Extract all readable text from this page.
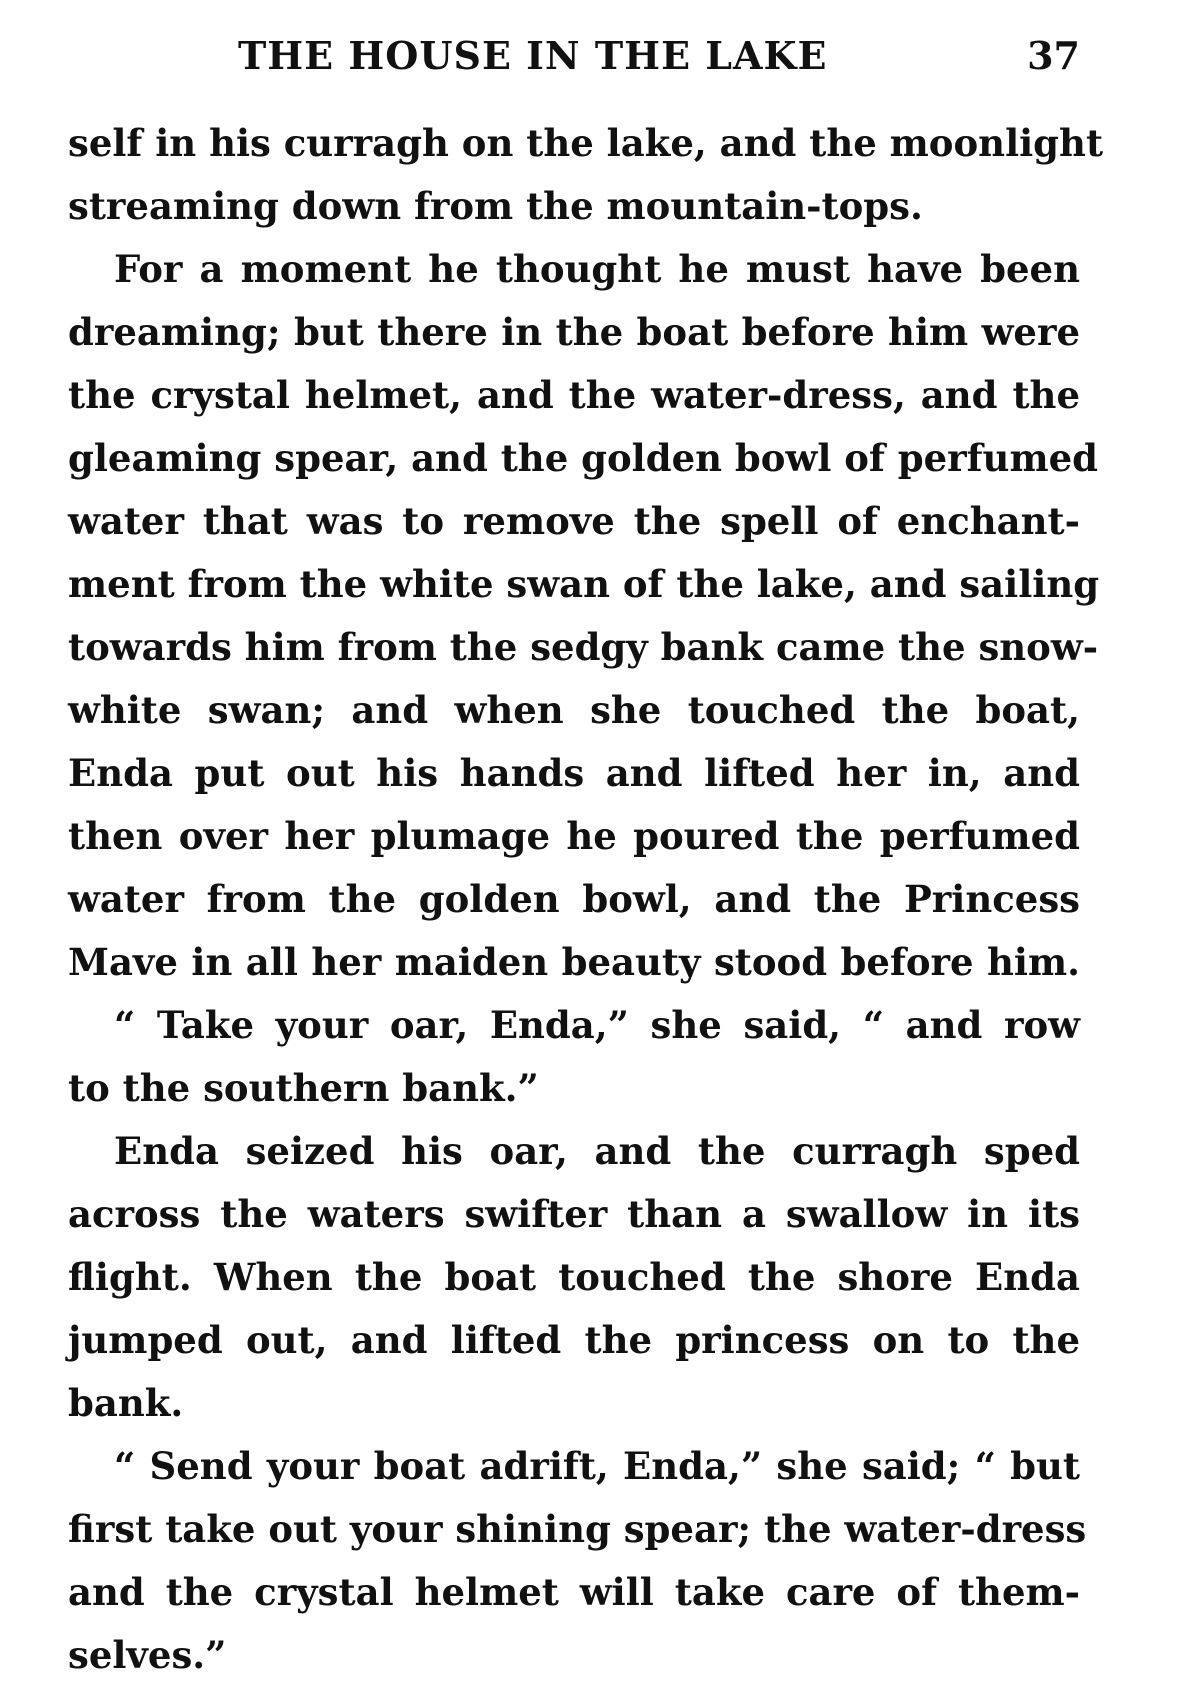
THE HOUSE IN THE LAKE	37
self in his curragh on the lake, and the moonlight
streaming down from the mountain-tops.
For a moment he thought he must have been
dreaming; but there in the boat before him were
the crystal helmet, and the water-dress, and the
gleaming spear, and the golden bowl of perfumed
water that was to remove the spell of enchant-
ment from the white swan of the lake, and sailing
towards him from the sedgy bank came the snow-
white swan; and when she touched the boat,
Enda put out his hands and lifted her in, and
then over her plumage he poured the perfumed
water from the golden bowl, and the Princess
Mave in all her maiden beauty stood before him.
“ Take your oar, Enda,” she said, “ and row
to the southern bank.”
Enda seized his oar, and the curragh sped
across the waters swifter than a swallow in its
flight. When the boat touched the shore Enda
jumped out, and lifted the princess on to the
bank.
“ Send your boat adrift, Enda,” she said; “ but
first take out your shining spear; the water-dress
and the crystal helmet will take care of them-
selves.”
